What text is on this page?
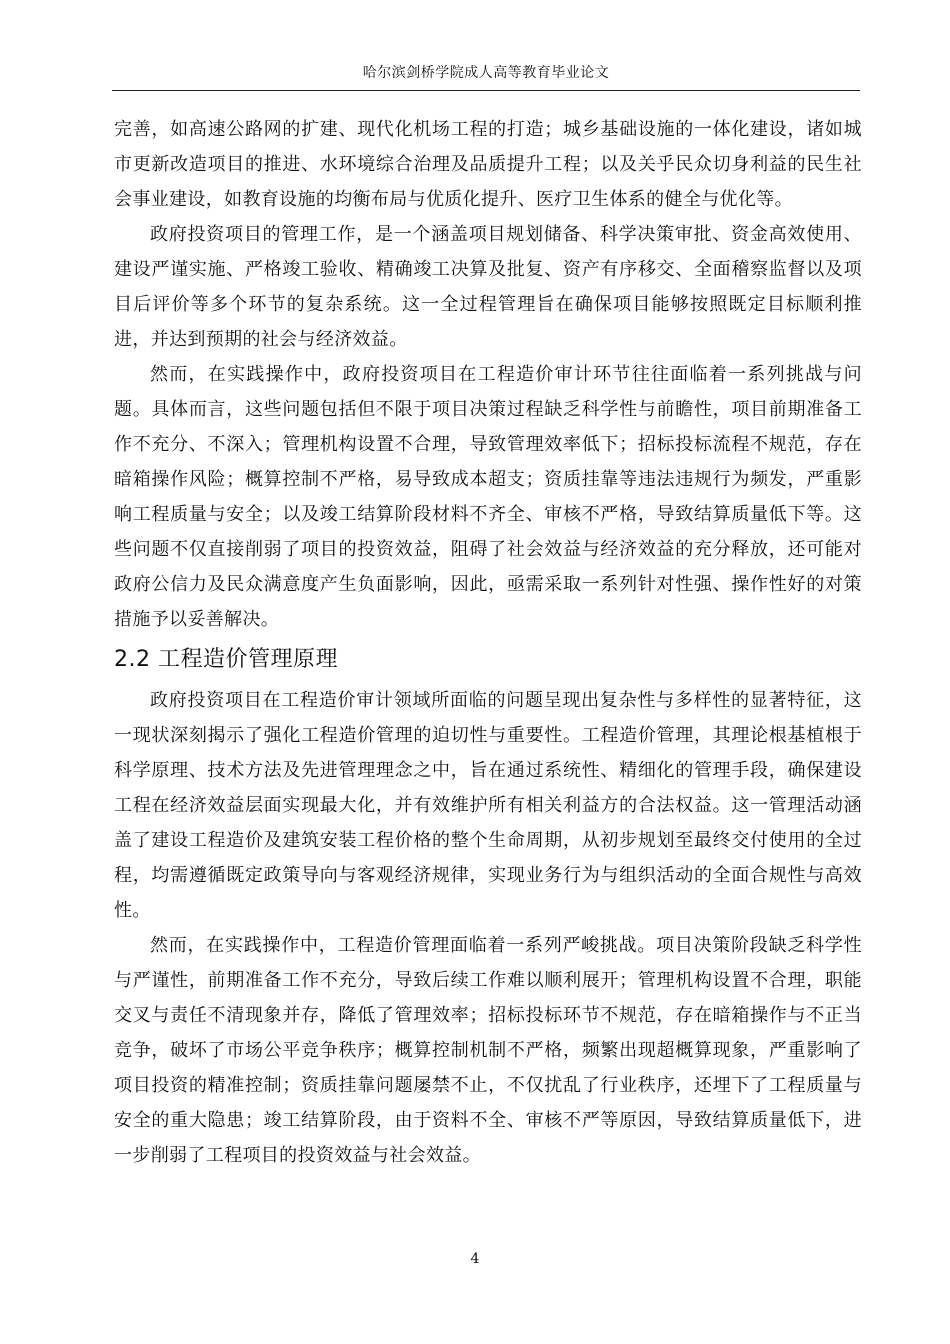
哈尔滨剑桥学院成人高等教育毕业论文

完善，如高速公路网的扩建、现代化机场工程的打造；城乡基础设施的一体化建设，诸如城市更新改造项目的推进、水环境综合治理及品质提升工程；以及关乎民众切身利益的民生社会事业建设，如教育设施的均衡布局与优质化提升、医疗卫生体系的健全与优化等。

政府投资项目的管理工作，是一个涵盖项目规划储备、科学决策审批、资金高效使用、建设严谨实施、严格竣工验收、精确竣工决算及批复、资产有序移交、全面稽察监督以及项目后评价等多个环节的复杂系统。这一全过程管理旨在确保项目能够按照既定目标顺利推进，并达到预期的社会与经济效益。

然而，在实践操作中，政府投资项目在工程造价审计环节往往面临着一系列挑战与问题。具体而言，这些问题包括但不限于项目决策过程缺乏科学性与前瞻性，项目前期准备工作不充分、不深入；管理机构设置不合理，导致管理效率低下；招标投标流程不规范，存在暗箱操作风险；概算控制不严格，易导致成本超支；资质挂靠等违法违规行为频发，严重影响工程质量与安全；以及竣工结算阶段材料不齐全、审核不严格，导致结算质量低下等。这些问题不仅直接削弱了项目的投资效益，阻碍了社会效益与经济效益的充分释放，还可能对政府公信力及民众满意度产生负面影响，因此，亟需采取一系列针对性强、操作性好的对策措施予以妥善解决。

2.2 工程造价管理原理

政府投资项目在工程造价审计领域所面临的问题呈现出复杂性与多样性的显著特征，这一现状深刻揭示了强化工程造价管理的迫切性与重要性。工程造价管理，其理论根基植根于科学原理、技术方法及先进管理理念之中，旨在通过系统性、精细化的管理手段，确保建设工程在经济效益层面实现最大化，并有效维护所有相关利益方的合法权益。这一管理活动涵盖了建设工程造价及建筑安装工程价格的整个生命周期，从初步规划至最终交付使用的全过程，均需遵循既定政策导向与客观经济规律，实现业务行为与组织活动的全面合规性与高效性。

然而，在实践操作中，工程造价管理面临着一系列严峻挑战。项目决策阶段缺乏科学性与严谨性，前期准备工作不充分，导致后续工作难以顺利展开；管理机构设置不合理，职能交叉与责任不清现象并存，降低了管理效率；招标投标环节不规范，存在暗箱操作与不正当竞争，破坏了市场公平竞争秩序；概算控制机制不严格，频繁出现超概算现象，严重影响了项目投资的精准控制；资质挂靠问题屡禁不止，不仅扰乱了行业秩序，还埋下了工程质量与安全的重大隐患；竣工结算阶段，由于资料不全、审核不严等原因，导致结算质量低下，进一步削弱了工程项目的投资效益与社会效益。

4
